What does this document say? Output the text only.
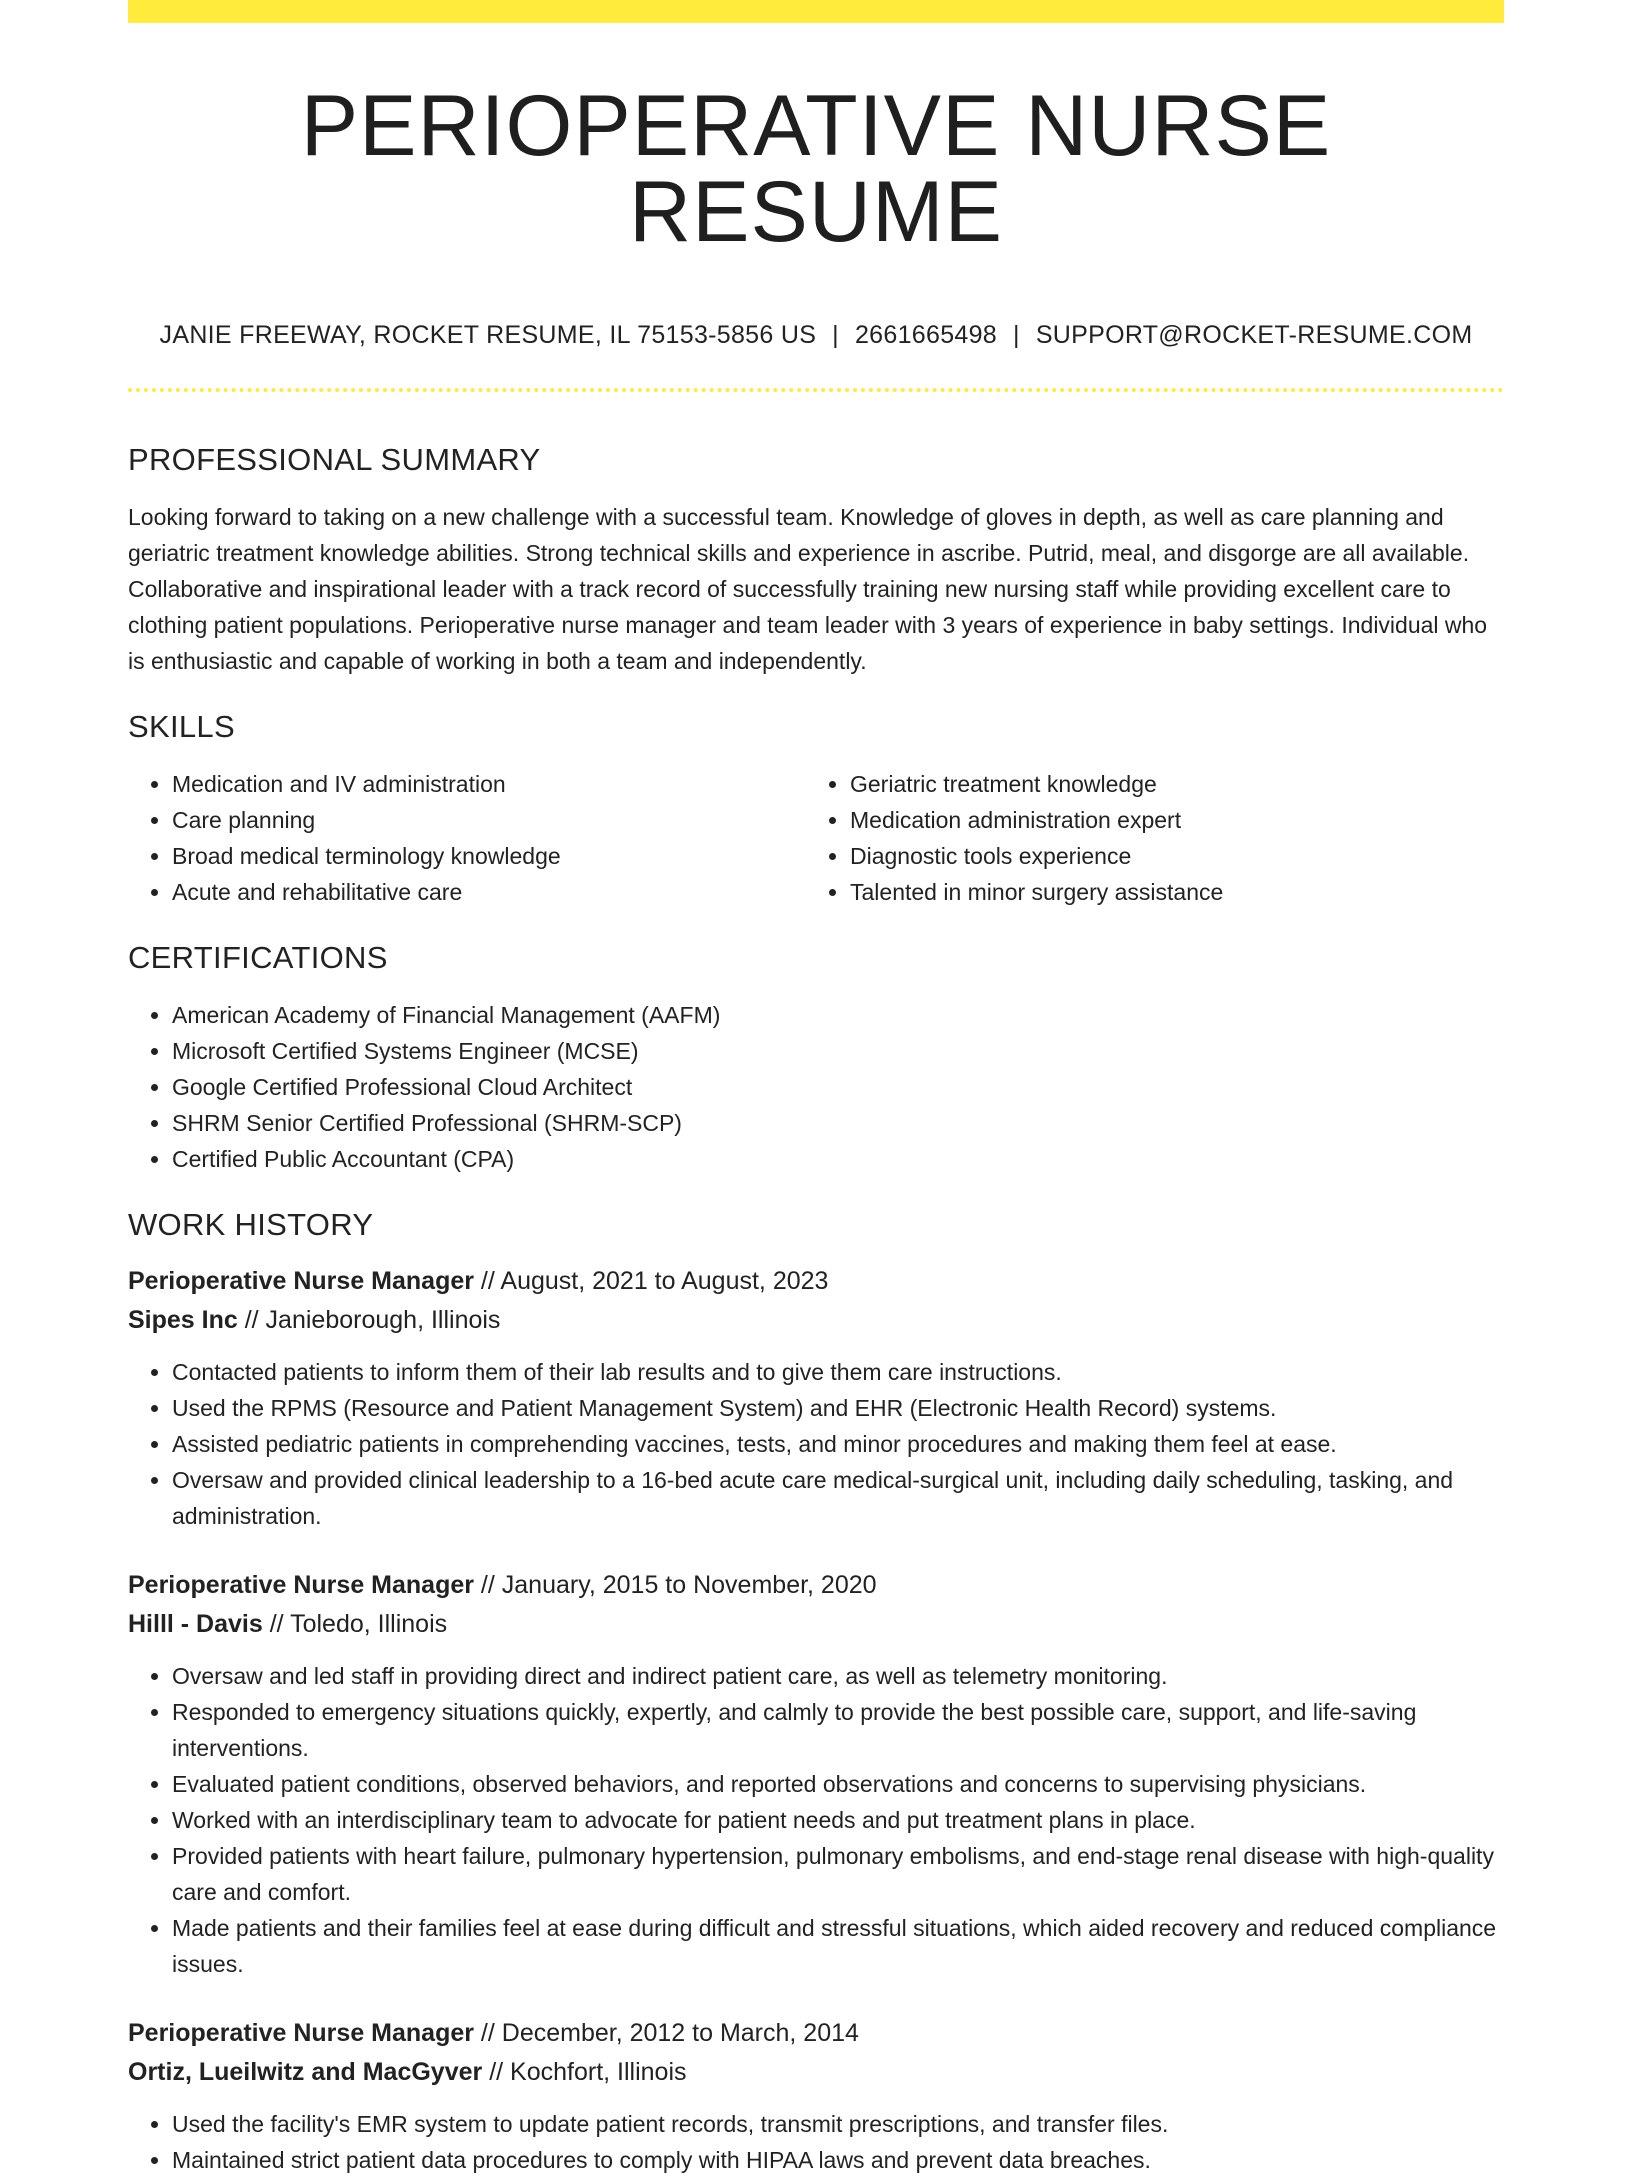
PERIOPERATIVE NURSE RESUME
JANIE FREEWAY, ROCKET RESUME, IL 75153-5856 US | 2661665498 | SUPPORT@ROCKET-RESUME.COM
PROFESSIONAL SUMMARY

Looking forward to taking on a new challenge with a successful team. Knowledge of gloves in depth, as well as care planning and geriatric treatment knowledge abilities. Strong technical skills and experience in ascribe. Putrid, meal, and disgorge are all available. Collaborative and inspirational leader with a track record of successfully training new nursing staff while providing excellent care to clothing patient populations. Perioperative nurse manager and team leader with 3 years of experience in baby settings. Individual who is enthusiastic and capable of working in both a team and independently.

SKILLS
• Medication and IV administration
• Care planning
• Broad medical terminology knowledge
• Acute and rehabilitative care
• Geriatric treatment knowledge
• Medication administration expert
• Diagnostic tools experience
• Talented in minor surgery assistance
CERTIFICATIONS
• American Academy of Financial Management (AAFM)
• Microsoft Certified Systems Engineer (MCSE)
• Google Certified Professional Cloud Architect
• SHRM Senior Certified Professional (SHRM-SCP)
• Certified Public Accountant (CPA)
WORK HISTORY
Perioperative Nurse Manager // August, 2021 to August, 2023
Sipes Inc // Janieborough, Illinois
• Contacted patients to inform them of their lab results and to give them care instructions.
• Used the RPMS (Resource and Patient Management System) and EHR (Electronic Health Record) systems.
• Assisted pediatric patients in comprehending vaccines, tests, and minor procedures and making them feel at ease.
• Oversaw and provided clinical leadership to a 16-bed acute care medical-surgical unit, including daily scheduling, tasking, and administration.
Perioperative Nurse Manager // January, 2015 to November, 2020
Hilll - Davis // Toledo, Illinois
• Oversaw and led staff in providing direct and indirect patient care, as well as telemetry monitoring.
• Responded to emergency situations quickly, expertly, and calmly to provide the best possible care, support, and life-saving interventions.
• Evaluated patient conditions, observed behaviors, and reported observations and concerns to supervising physicians.
• Worked with an interdisciplinary team to advocate for patient needs and put treatment plans in place.
• Provided patients with heart failure, pulmonary hypertension, pulmonary embolisms, and end-stage renal disease with high-quality care and comfort.
• Made patients and their families feel at ease during difficult and stressful situations, which aided recovery and reduced compliance issues.
Perioperative Nurse Manager // December, 2012 to March, 2014
Ortiz, Lueilwitz and MacGyver // Kochfort, Illinois
• Used the facility's EMR system to update patient records, transmit prescriptions, and transfer files.
• Maintained strict patient data procedures to comply with HIPAA laws and prevent data breaches.
